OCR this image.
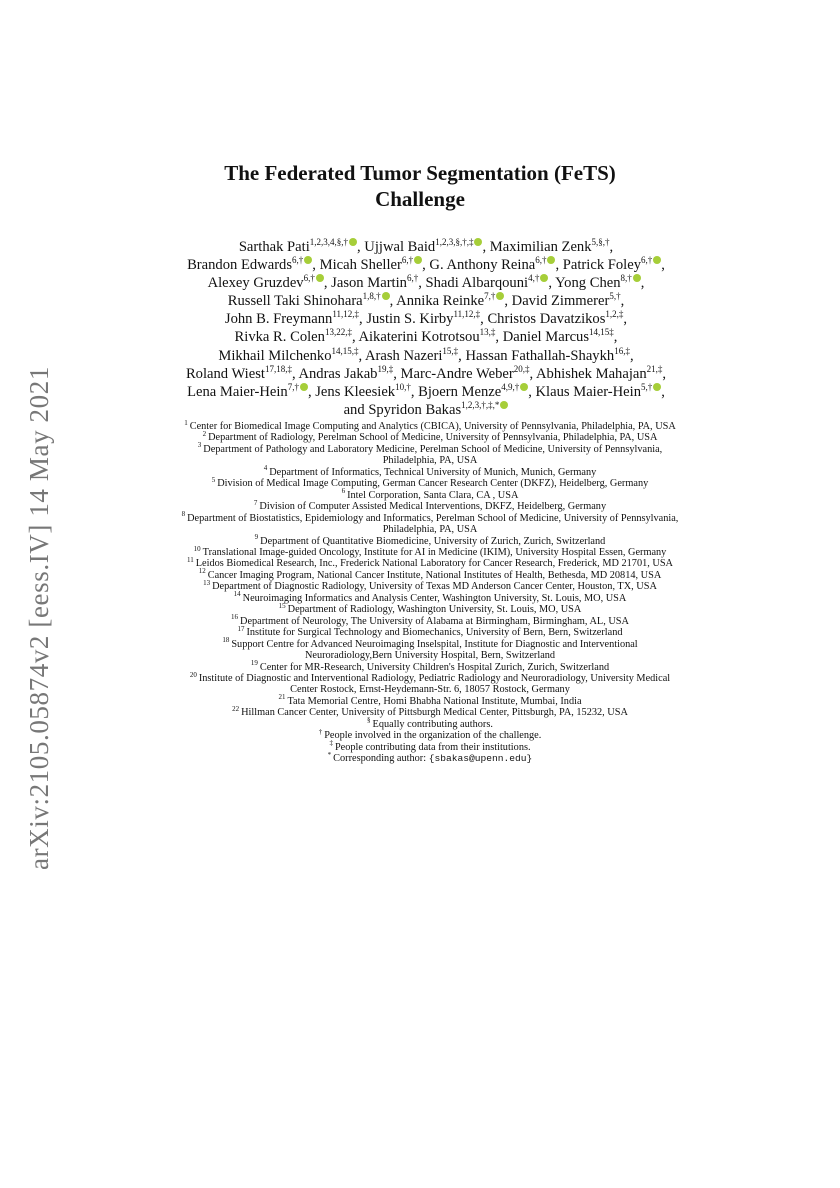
arXiv:2105.05874v2 [eess.IV] 14 May 2021
The Federated Tumor Segmentation (FeTS)
Challenge
Sarthak Pati$^{1,2,3,4,\S,\dagger}$ , Ujjwal Baid$^{1,2,3,\S,\dagger,\ddagger}$ , Maximilian Zenk$^{5,\S,\dagger}$, Brandon Edwards$^{6,\dagger}$ , Micah Sheller$^{6,\dagger}$ , G. Anthony Reina$^{6,\dagger}$ , Patrick Foley$^{6,\dagger}$ , Alexey Gruzdev$^{6,\dagger}$ , Jason Martin$^{6,\dagger}$, Shadi Albarqouni$^{4,\dagger}$ , Yong Chen$^{8,\dagger}$ , Russell Taki Shinohara$^{1,8,\dagger}$ , Annika Reinke$^{7,\dagger}$ , David Zimmerer$^{5,\dagger}$, John B. Freymann$^{11,12,\ddagger}$, Justin S. Kirby$^{11,12,\ddagger}$, Christos Davatzikos$^{1,2,\ddagger}$, Rivka R. Colen$^{13,22,\ddagger}$, Aikaterini Kotrotsou$^{13,\ddagger}$, Daniel Marcus$^{14,15\ddagger}$, Mikhail Milchenko$^{14,15,\ddagger}$, Arash Nazeri$^{15,\ddagger}$, Hassan Fathallah-Shaykh$^{16,\ddagger}$, Roland Wiest$^{17,18,\ddagger}$, Andras Jakab$^{19,\ddagger}$, Marc-Andre Weber$^{20,\ddagger}$, Abhishek Mahajan$^{21,\ddagger}$, Lena Maier-Hein$^{7,\dagger}$ , Jens Kleesiek$^{10,\dagger}$, Bjoern Menze$^{4,9,\dagger}$ , Klaus Maier-Hein$^{5,\dagger}$ , and Spyridon Bakas$^{1,2,3,\dagger,\ddagger,*}$
$^1$ Center for Biomedical Image Computing and Analytics (CBICA), University of Pennsylvania, Philadelphia, PA, USA
$^2$ Department of Radiology, Perelman School of Medicine, University of Pennsylvania, Philadelphia, PA, USA
$^3$ Department of Pathology and Laboratory Medicine, Perelman School of Medicine, University of Pennsylvania, Philadelphia, PA, USA
$^4$ Department of Informatics, Technical University of Munich, Munich, Germany
$^5$ Division of Medical Image Computing, German Cancer Research Center (DKFZ), Heidelberg, Germany
$^6$ Intel Corporation, Santa Clara, CA , USA
$^7$ Division of Computer Assisted Medical Interventions, DKFZ, Heidelberg, Germany
$^8$ Department of Biostatistics, Epidemiology and Informatics, Perelman School of Medicine, University of Pennsylvania, Philadelphia, PA, USA
$^9$ Department of Quantitative Biomedicine, University of Zurich, Zurich, Switzerland
$^{10}$ Translational Image-guided Oncology, Institute for AI in Medicine (IKIM), University Hospital Essen, Germany
$^{11}$ Leidos Biomedical Research, Inc., Frederick National Laboratory for Cancer Research, Frederick, MD 21701, USA
$^{12}$ Cancer Imaging Program, National Cancer Institute, National Institutes of Health, Bethesda, MD 20814, USA
$^{13}$ Department of Diagnostic Radiology, University of Texas MD Anderson Cancer Center, Houston, TX, USA
$^{14}$ Neuroimaging Informatics and Analysis Center, Washington University, St. Louis, MO, USA
$^{15}$ Department of Radiology, Washington University, St. Louis, MO, USA
$^{16}$ Department of Neurology, The University of Alabama at Birmingham, Birmingham, AL, USA
$^{17}$ Institute for Surgical Technology and Biomechanics, University of Bern, Bern, Switzerland
$^{18}$ Support Centre for Advanced Neuroimaging Inselspital, Institute for Diagnostic and Interventional Neuroradiology,Bern University Hospital, Bern, Switzerland
$^{19}$ Center for MR-Research, University Children's Hospital Zurich, Zurich, Switzerland
$^{20}$ Institute of Diagnostic and Interventional Radiology, Pediatric Radiology and Neuroradiology, University Medical Center Rostock, Ernst-Heydemann-Str. 6, 18057 Rostock, Germany
$^{21}$ Tata Memorial Centre, Homi Bhabha National Institute, Mumbai, India
$^{22}$ Hillman Cancer Center, University of Pittsburgh Medical Center, Pittsburgh, PA, 15232, USA
§ Equally contributing authors.
† People involved in the organization of the challenge.
‡ People contributing data from their institutions.
* Corresponding author: {sbakas@upenn.edu}
